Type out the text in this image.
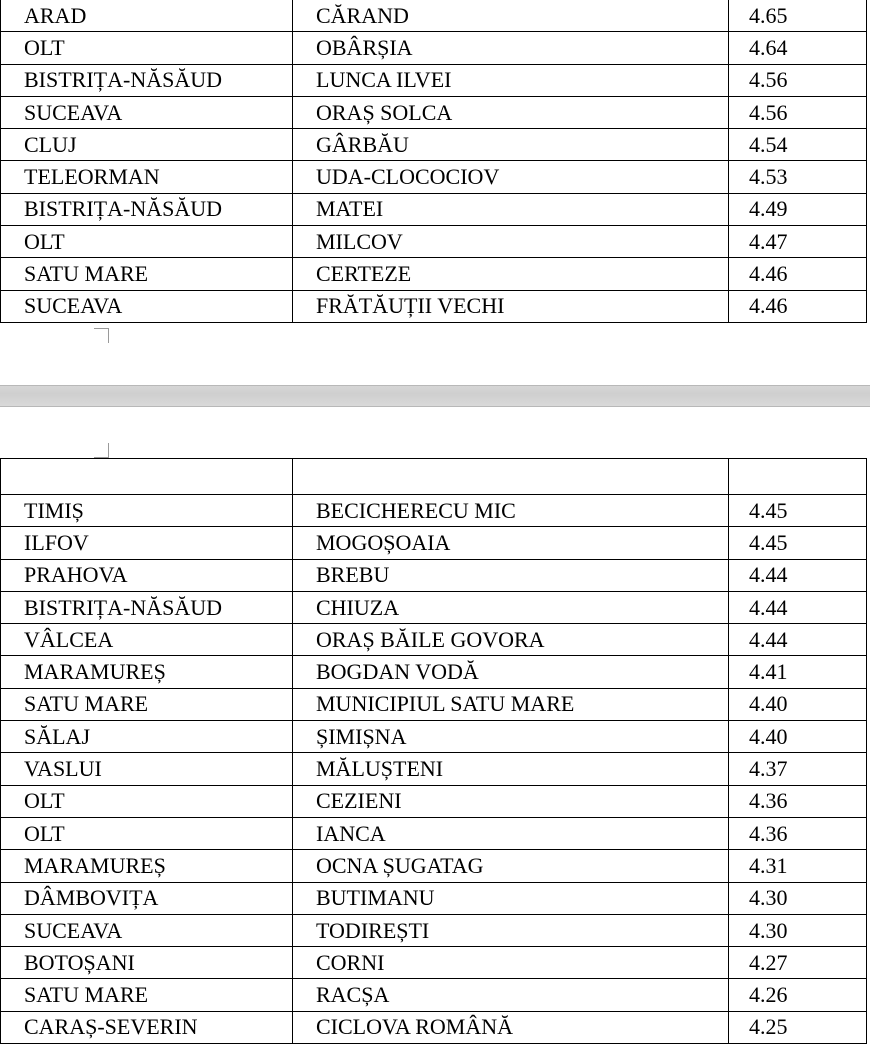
ARAD	CĂRAND	4.65
OLT	OBÂRȘIA	4.64
BISTRIȚA-NĂSĂUD	LUNCA ILVEI	4.56
SUCEAVA	ORAȘ SOLCA	4.56
CLUJ	GÂRBĂU	4.54
TELEORMAN	UDA-CLOCOCIOV	4.53
BISTRIȚA-NĂSĂUD	MATEI	4.49
OLT	MILCOV	4.47
SATU MARE	CERTEZE	4.46
SUCEAVA	FRĂTĂUȚII VECHI	4.46

TIMIȘ	BECICHERECU MIC	4.45
ILFOV	MOGOȘOAIA	4.45
PRAHOVA	BREBU	4.44
BISTRIȚA-NĂSĂUD	CHIUZA	4.44
VÂLCEA	ORAȘ BĂILE GOVORA	4.44
MARAMUREȘ	BOGDAN VODĂ	4.41
SATU MARE	MUNICIPIUL SATU MARE	4.40
SĂLAJ	ȘIMIȘNA	4.40
VASLUI	MĂLUȘTENI	4.37
OLT	CEZIENI	4.36
OLT	IANCA	4.36
MARAMUREȘ	OCNA ȘUGATAG	4.31
DÂMBOVIȚA	BUTIMANU	4.30
SUCEAVA	TODIREȘTI	4.30
BOTOȘANI	CORNI	4.27
SATU MARE	RACȘA	4.26
CARAȘ-SEVERIN	CICLOVA ROMÂNĂ	4.25
